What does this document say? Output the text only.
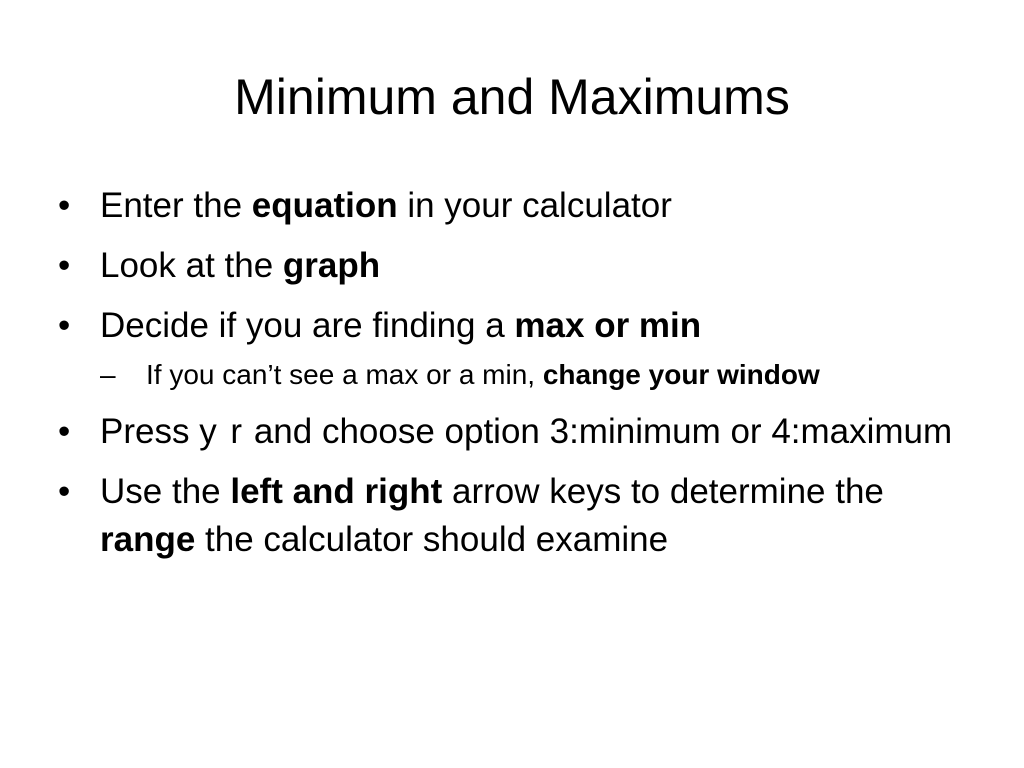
Minimum and Maximums
• Enter the equation in your calculator
• Look at the graph
• Decide if you are finding a max or min
– If you can’t see a max or a min, change your window
• Press y r and choose option 3:minimum or 4:maximum
• Use the left and right arrow keys to determine the range the calculator should examine
